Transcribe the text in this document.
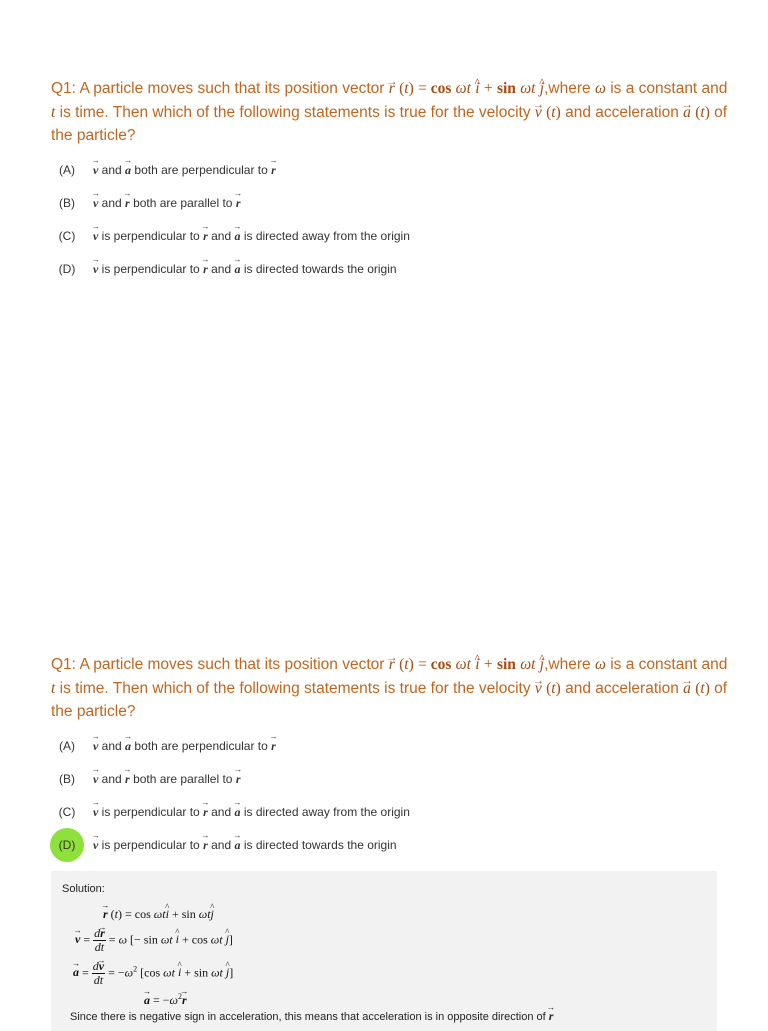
Q1: A particle moves such that its position vector → r (t) = cos ωt ^ i + sin ωt ^ j,where ω is a constant and t is time. Then which of the following statements is true for the velocity → v (t) and acceleration → a (t) of the particle?

(A)	→ v and → a both are perpendicular to → r
(B)	→ v and → r both are parallel to → r
(C)	→ v is perpendicular to → r and → a is directed away from the origin
(D)	→ v is perpendicular to → r and → a is directed towards the origin

Q1: A particle moves such that its position vector → r (t) = cos ωt ^ i + sin ωt ^ j,where ω is a constant and t is time. Then which of the following statements is true for the velocity → v (t) and acceleration → a (t) of the particle?

(A)	→ v and → a both are perpendicular to → r
(B)	→ v and → r both are parallel to → r
(C)	→ v is perpendicular to → r and → a is directed away from the origin
(D)	→ v is perpendicular to → r and → a is directed towards the origin
Solution:
→ r (t) = cos ωt^ i + sin ωt^ j
→ $v = \frac{d\to r}{dt} = \omega$ [− sin ωt ^ i + cos ωt ^ j]
→ $a = \frac{d\to v}{dt} = -\omega^2$ [cos ωt ^ i + sin ωt ^ j]
→ $a = -\omega^2\to r$
Since there is negative sign in acceleration, this means that acceleration is in opposite direction of → r
